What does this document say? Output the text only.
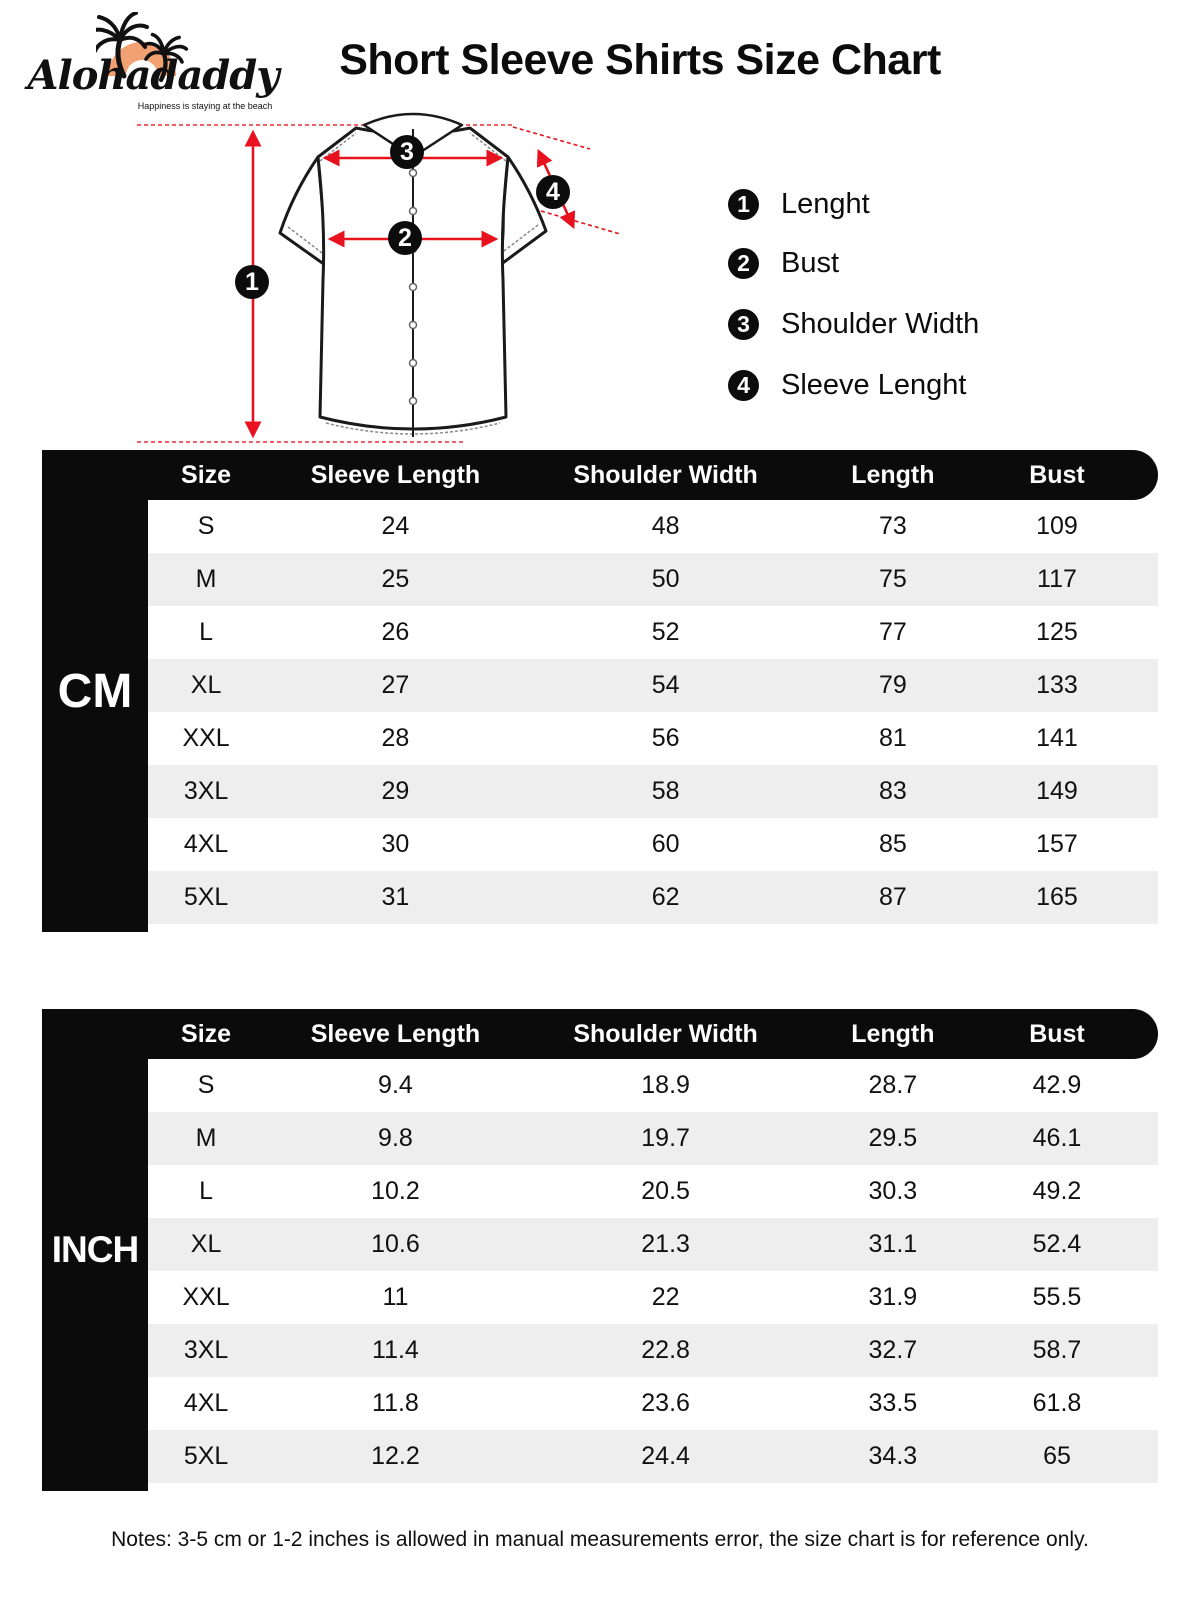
Alohadaddy
Happiness is staying at the beach
Short Sleeve Shirts Size Chart
1
2
3
4	1	Lenght
2	Bust
3	Shoulder Width
4	Sleeve Lenght
CM
Size	Sleeve Length	Shoulder Width	Length	Bust
S	24	48	73	109
M	25	50	75	117
L	26	52	77	125
XL	27	54	79	133
XXL	28	56	81	141
3XL	29	58	83	149
4XL	30	60	85	157
5XL	31	62	87	165
INCH
Size	Sleeve Length	Shoulder Width	Length	Bust
S	9.4	18.9	28.7	42.9
M	9.8	19.7	29.5	46.1
L	10.2	20.5	30.3	49.2
XL	10.6	21.3	31.1	52.4
XXL	11	22	31.9	55.5
3XL	11.4	22.8	32.7	58.7
4XL	11.8	23.6	33.5	61.8
5XL	12.2	24.4	34.3	65
Notes: 3-5 cm or 1-2 inches is allowed in manual measurements error, the size chart is for reference only.
